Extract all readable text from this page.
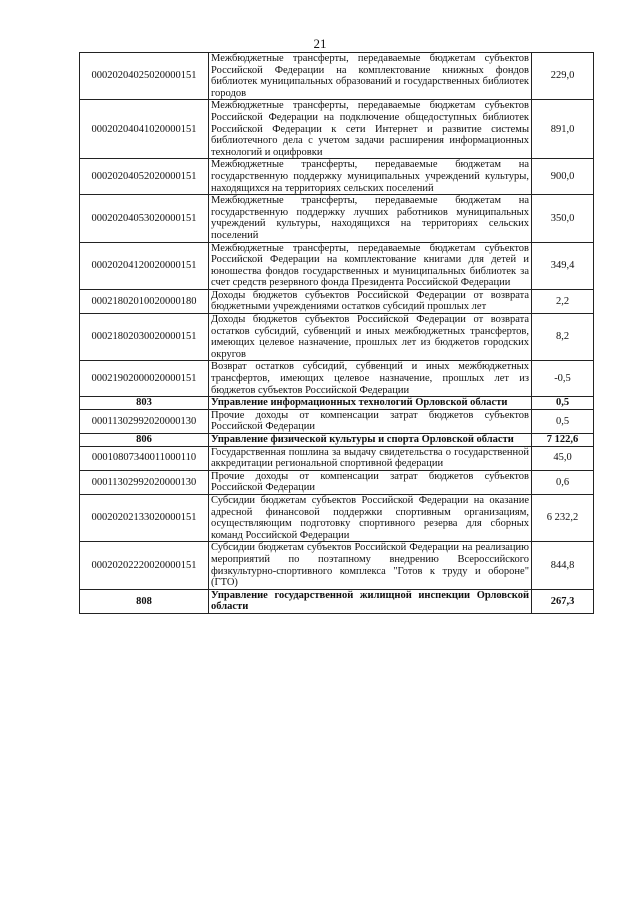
21
00020204025020000151	Межбюджетные трансферты, передаваемые бюджетам субъектов Российской Федерации на комплектование книжных фондов библиотек муниципальных образований и государственных библиотек городов	229,0
00020204041020000151	Межбюджетные трансферты, передаваемые бюджетам субъектов Российской Федерации на подключение общедоступных библиотек Российской Федерации к сети Интернет и развитие системы библиотечного дела с учетом задачи расширения информационных технологий и оцифровки	891,0
00020204052020000151	Межбюджетные трансферты, передаваемые бюджетам на государственную поддержку муниципальных учреждений культуры, находящихся на территориях сельских поселений	900,0
00020204053020000151	Межбюджетные трансферты, передаваемые бюджетам на государственную поддержку лучших работников муниципальных учреждений культуры, находящихся на территориях сельских поселений	350,0
00020204120020000151	Межбюджетные трансферты, передаваемые бюджетам субъектов Российской Федерации на комплектование книгами для детей и юношества фондов государственных и муниципальных библиотек за счет средств резервного фонда Президента Российской Федерации	349,4
00021802010020000180	Доходы бюджетов субъектов Российской Федерации от возврата бюджетными учреждениями остатков субсидий прошлых лет	2,2
00021802030020000151	Доходы бюджетов субъектов Российской Федерации от возврата остатков субсидий, субвенций и иных межбюджетных трансфертов, имеющих целевое назначение, прошлых лет из бюджетов городских округов	8,2
00021902000020000151	Возврат остатков субсидий, субвенций и иных межбюджетных трансфертов, имеющих целевое назначение, прошлых лет из бюджетов субъектов Российской Федерации	-0,5
803	Управление информационных технологий Орловской области	0,5
00011302992020000130	Прочие доходы от компенсации затрат бюджетов субъектов Российской Федерации	0,5
806	Управление физической культуры и спорта Орловской области	7 122,6
00010807340011000110	Государственная пошлина за выдачу свидетельства о государственной аккредитации региональной спортивной федерации	45,0
00011302992020000130	Прочие доходы от компенсации затрат бюджетов субъектов Российской Федерации	0,6
00020202133020000151	Субсидии бюджетам субъектов Российской Федерации на оказание адресной финансовой поддержки спортивным организациям, осуществляющим подготовку спортивного резерва для сборных команд Российской Федерации	6 232,2
00020202220020000151	Субсидии бюджетам субъектов Российской Федерации на реализацию мероприятий по поэтапному внедрению Всероссийского физкультурно-спортивного комплекса "Готов к труду и обороне" (ГТО)	844,8
808	Управление государственной жилищной инспекции Орловской области	267,3
